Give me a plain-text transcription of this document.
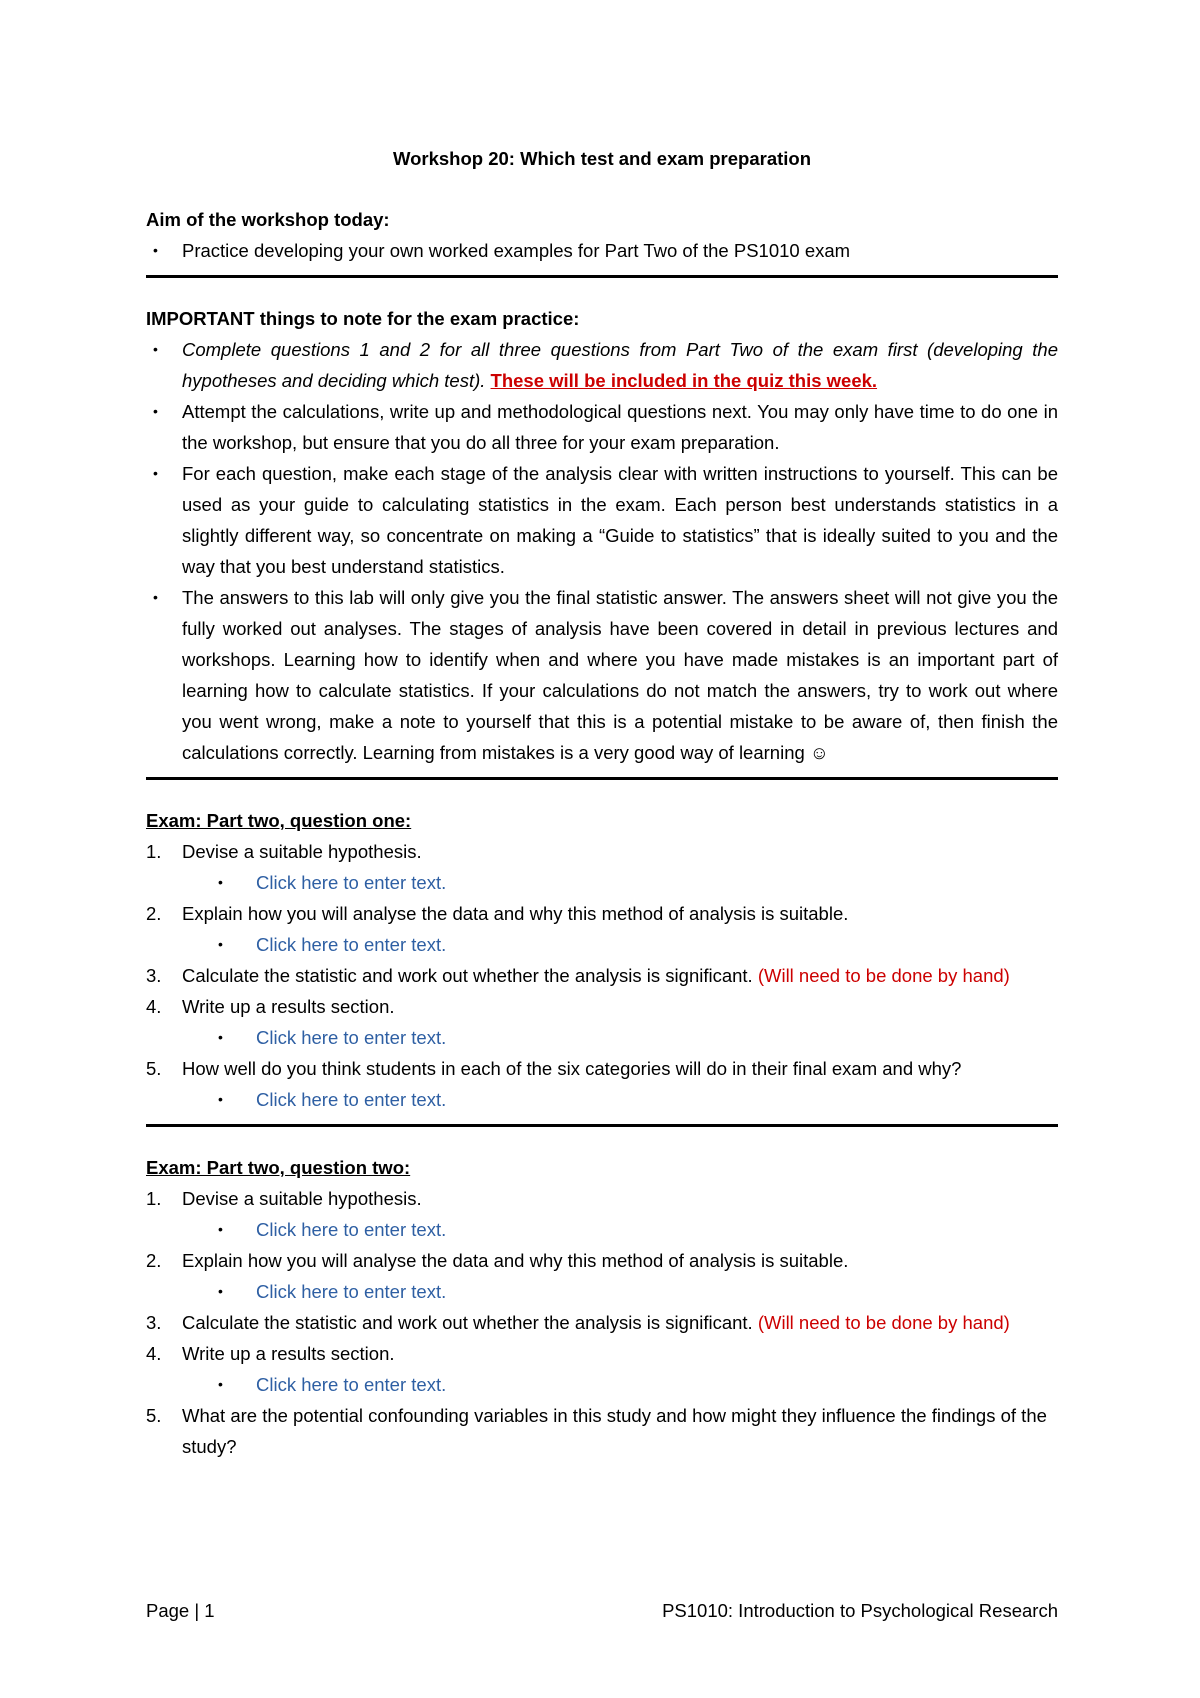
Workshop 20: Which test and exam preparation
Aim of the workshop today:
• Practice developing your own worked examples for Part Two of the PS1010 exam
IMPORTANT things to note for the exam practice:
• Complete questions 1 and 2 for all three questions from Part Two of the exam first (developing the hypotheses and deciding which test). These will be included in the quiz this week.
• Attempt the calculations, write up and methodological questions next. You may only have time to do one in the workshop, but ensure that you do all three for your exam preparation.
• For each question, make each stage of the analysis clear with written instructions to yourself. This can be used as your guide to calculating statistics in the exam. Each person best understands statistics in a slightly different way, so concentrate on making a “Guide to statistics” that is ideally suited to you and the way that you best understand statistics.
• The answers to this lab will only give you the final statistic answer. The answers sheet will not give you the fully worked out analyses. The stages of analysis have been covered in detail in previous lectures and workshops. Learning how to identify when and where you have made mistakes is an important part of learning how to calculate statistics. If your calculations do not match the answers, try to work out where you went wrong, make a note to yourself that this is a potential mistake to be aware of, then finish the calculations correctly. Learning from mistakes is a very good way of learning ☺
Exam: Part two, question one:
1. Devise a suitable hypothesis.
• Click here to enter text.
2. Explain how you will analyse the data and why this method of analysis is suitable.
• Click here to enter text.
3. Calculate the statistic and work out whether the analysis is significant. (Will need to be done by hand)
4. Write up a results section.
• Click here to enter text.
5. How well do you think students in each of the six categories will do in their final exam and why?
• Click here to enter text.
Exam: Part two, question two:
1. Devise a suitable hypothesis.
• Click here to enter text.
2. Explain how you will analyse the data and why this method of analysis is suitable.
• Click here to enter text.
3. Calculate the statistic and work out whether the analysis is significant. (Will need to be done by hand)
4. Write up a results section.
• Click here to enter text.
5. What are the potential confounding variables in this study and how might they influence the findings of the study?
Page | 1	PS1010: Introduction to Psychological Research
